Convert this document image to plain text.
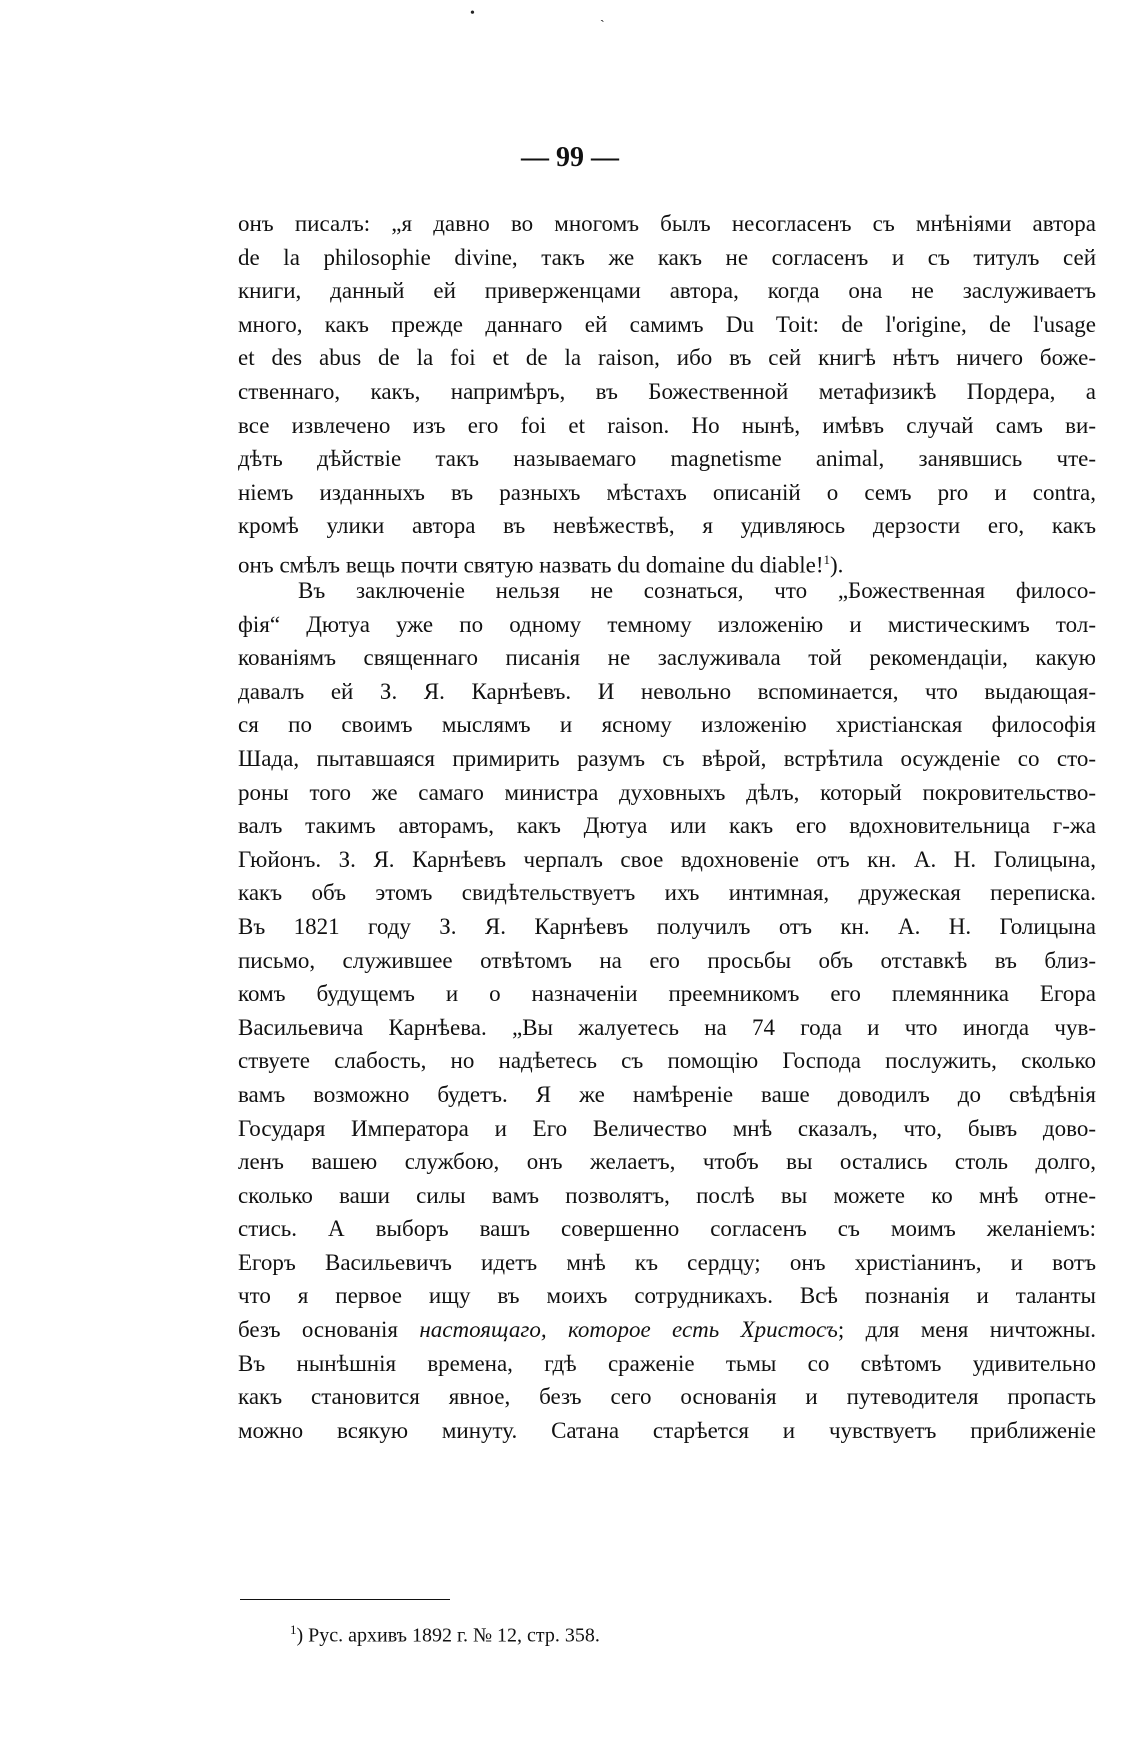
•	ˏ
— 99 —
онъ писалъ: „я давно во многомъ былъ несогласенъ съ мнѣніями автора
de la philosophie divine, такъ же какъ не согласенъ и съ титулъ сей
книги, данный ей приверженцами автора, когда она не заслуживаетъ
много, какъ прежде даннаго ей самимъ Du Toit: de l'origine, de l'usage
et des abus de la foi et de la raison, ибо въ сей книгѣ нѣтъ ничего боже-
ственнаго, какъ, напримѣръ, въ Божественной метафизикѣ Пордера, а
все извлечено изъ его foi et raison. Но нынѣ, имѣвъ случай самъ ви-
дѣть дѣйствіе такъ называемаго magnetisme animal, занявшись чте-
ніемъ изданныхъ въ разныхъ мѣстахъ описаній о семъ pro и contra,
кромѣ улики автора въ невѣжествѣ, я удивляюсь дерзости его, какъ
онъ смѣлъ вещь почти святую назвать du domaine du diable!$^1$).
Въ заключеніе нельзя не сознаться, что „Божественная филосо-
фія“ Дютуа уже по одному темному изложенію и мистическимъ тол-
кованіямъ священнаго писанія не заслуживала той рекомендаціи, какую
давалъ ей З. Я. Карнѣевъ. И невольно вспоминается, что выдающая-
ся по своимъ мыслямъ и ясному изложенію христіанская философія
Шада, пытавшаяся примирить разумъ съ вѣрой, встрѣтила осужденіе со сто-
роны того же самаго министра духовныхъ дѣлъ, который покровительство-
валъ такимъ авторамъ, какъ Дютуа или какъ его вдохновительница г-жа
Гюйонъ. З. Я. Карнѣевъ черпалъ свое вдохновеніе отъ кн. А. Н. Голицына,
какъ объ этомъ свидѣтельствуетъ ихъ интимная, дружеская переписка.
Въ 1821 году З. Я. Карнѣевъ получилъ отъ кн. А. Н. Голицына
письмо, служившее отвѣтомъ на его просьбы объ отставкѣ въ близ-
комъ будущемъ и о назначеніи преемникомъ его племянника Егора
Васильевича Карнѣева. „Вы жалуетесь на 74 года и что иногда чув-
ствуете слабость, но надѣетесь съ помощію Господа послужить, сколько
вамъ возможно будетъ. Я же намѣреніе ваше доводилъ до свѣдѣнія
Государя Императора и Его Величество мнѣ сказалъ, что, бывъ дово-
ленъ вашею службою, онъ желаетъ, чтобъ вы остались столь долго,
сколько ваши силы вамъ позволятъ, послѣ вы можете ко мнѣ отне-
стись. А выборъ вашъ совершенно согласенъ съ моимъ желаніемъ:
Егоръ Васильевичъ идетъ мнѣ къ сердцу; онъ христіанинъ, и вотъ
что я первое ищу въ моихъ сотрудникахъ. Всѣ познанія и таланты
безъ основанія настоящаго, которое есть Христосъ; для меня ничтожны.
Въ нынѣшнія времена, гдѣ сраженіе тьмы со свѣтомъ удивительно
какъ становится явное, безъ сего основанія и путеводителя пропасть
можно всякую минуту. Сатана старѣется и чувствуетъ приближеніе
$^1$) Рус. архивъ 1892 г. № 12, стр. 358.
